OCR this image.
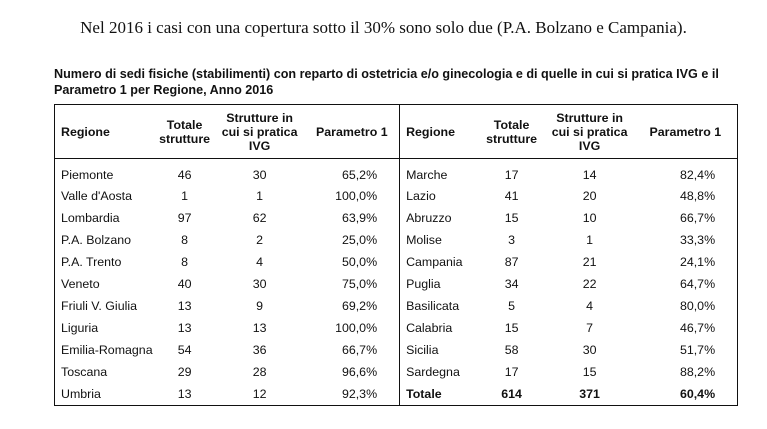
Nel 2016 i casi con una copertura sotto il 30% sono solo due (P.A. Bolzano e Campania).
Numero di sedi fisiche (stabilimenti) con reparto di ostetricia e/o ginecologia e di quelle in cui si pratica IVG e il Parametro 1 per Regione, Anno 2016
Regione	Totale strutture	Strutture in cui si pratica IVG	Parametro 1	Regione	Totale strutture	Strutture in cui si pratica IVG	Parametro 1
Piemonte	46	30	65,2%	Marche	17	14	82,4%
Valle d'Aosta	1	1	100,0%	Lazio	41	20	48,8%
Lombardia	97	62	63,9%	Abruzzo	15	10	66,7%
P.A. Bolzano	8	2	25,0%	Molise	3	1	33,3%
P.A. Trento	8	4	50,0%	Campania	87	21	24,1%
Veneto	40	30	75,0%	Puglia	34	22	64,7%
Friuli V. Giulia	13	9	69,2%	Basilicata	5	4	80,0%
Liguria	13	13	100,0%	Calabria	15	7	46,7%
Emilia-Romagna	54	36	66,7%	Sicilia	58	30	51,7%
Toscana	29	28	96,6%	Sardegna	17	15	88,2%
Umbria	13	12	92,3%	Totale	614	371	60,4%
